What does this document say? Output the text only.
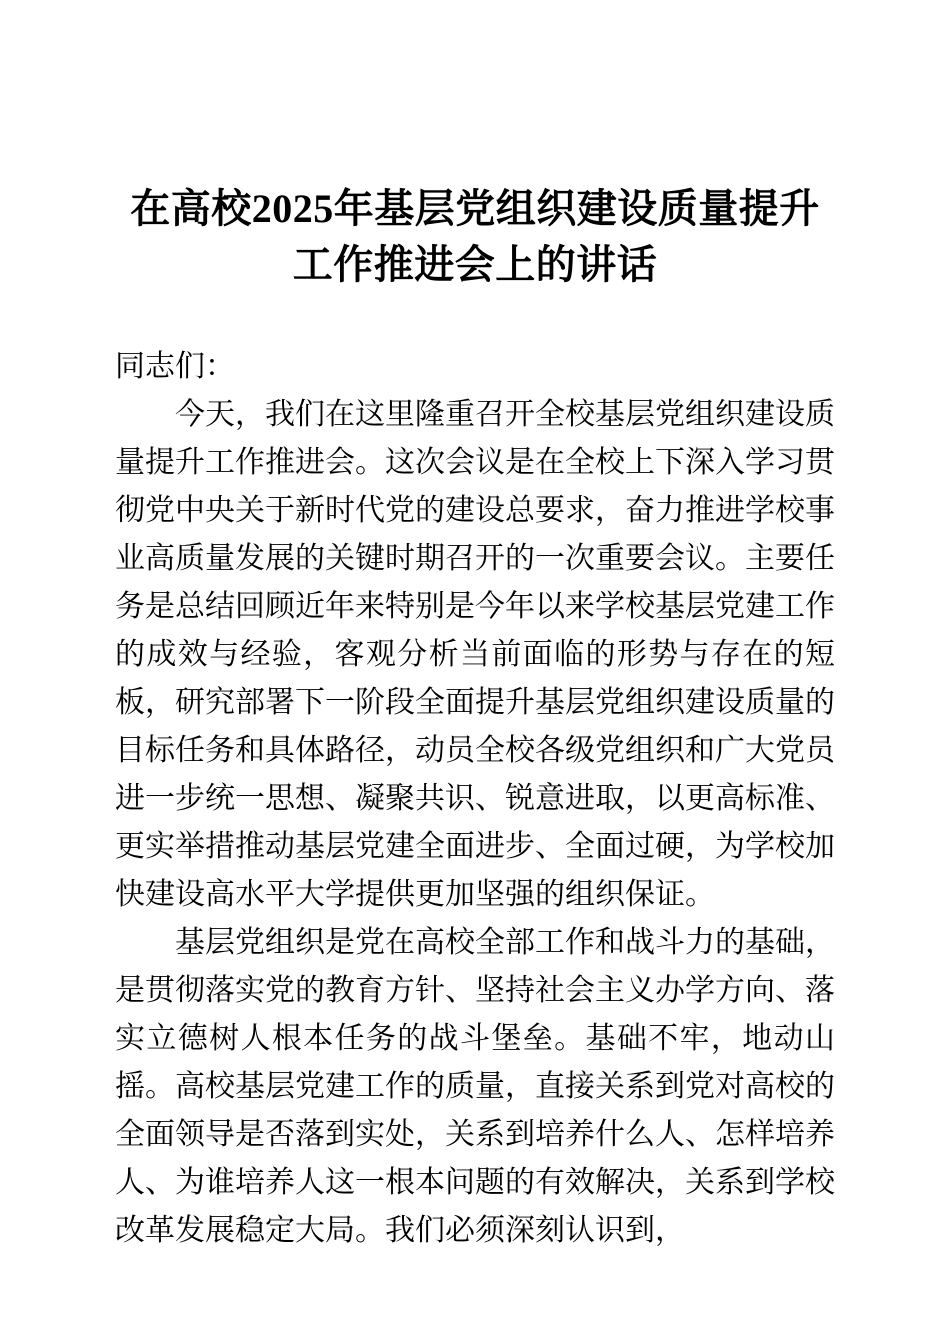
在高校2025年基层党组织建设质量提升工作推进会上的讲话

同志们：

今天，我们在这里隆重召开全校基层党组织建设质量提升工作推进会。这次会议是在全校上下深入学习贯彻党中央关于新时代党的建设总要求，奋力推进学校事业高质量发展的关键时期召开的一次重要会议。主要任务是总结回顾近年来特别是今年以来学校基层党建工作的成效与经验，客观分析当前面临的形势与存在的短板，研究部署下一阶段全面提升基层党组织建设质量的目标任务和具体路径，动员全校各级党组织和广大党员进一步统一思想、凝聚共识、锐意进取，以更高标准、更实举措推动基层党建全面进步、全面过硬，为学校加快建设高水平大学提供更加坚强的组织保证。

基层党组织是党在高校全部工作和战斗力的基础，是贯彻落实党的教育方针、坚持社会主义办学方向、落实立德树人根本任务的战斗堡垒。基础不牢，地动山摇。高校基层党建工作的质量，直接关系到党对高校的全面领导是否落到实处，关系到培养什么人、怎样培养人、为谁培养人这一根本问题的有效解决，关系到学校改革发展稳定大局。我们必须深刻认识到，
